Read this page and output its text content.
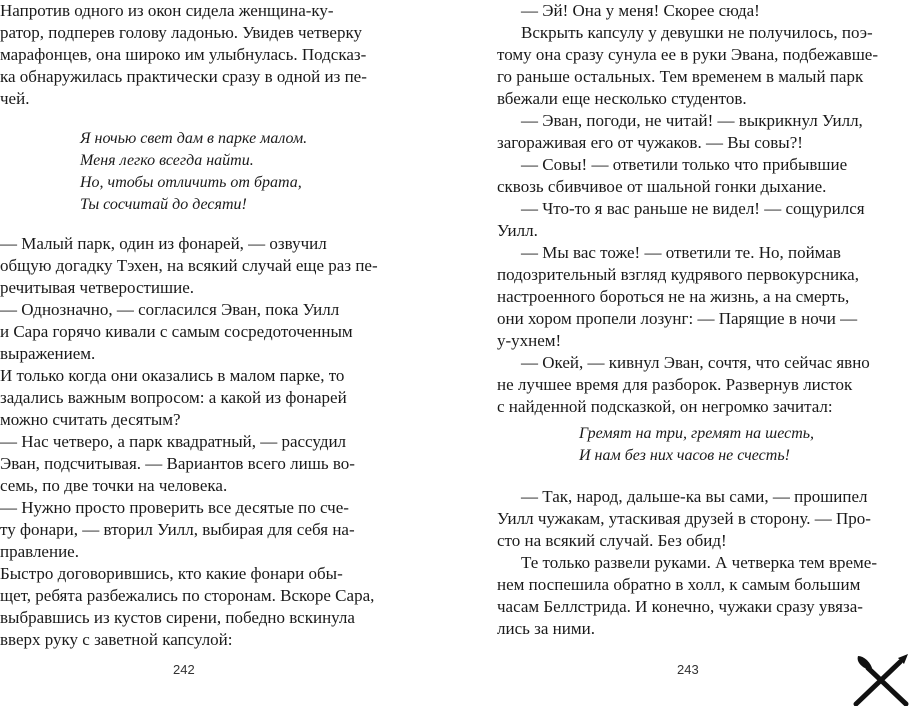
Напротив одного из окон сидела женщина-ку-
ратор, подперев голову ладонью. Увидев четверку
марафонцев, она широко им улыбнулась. Подсказ-
ка обнаружилась практически сразу в одной из пе-
чей.
Я ночью свет дам в парке малом.
Меня легко всегда найти.
Но, чтобы отличить от брата,
Ты сосчитай до десяти!
— Малый парк, один из фонарей, — озвучил
общую догадку Тэхен, на всякий случай еще раз пе-
речитывая четверостишие.
— Однозначно, — согласился Эван, пока Уилл
и Сара горячо кивали с самым сосредоточенным
выражением.
И только когда они оказались в малом парке, то
задались важным вопросом: а какой из фонарей
можно считать десятым?
— Нас четверо, а парк квадратный, — рассудил
Эван, подсчитывая. — Вариантов всего лишь во-
семь, по две точки на человека.
— Нужно просто проверить все десятые по сче-
ту фонари, — вторил Уилл, выбирая для себя на-
правление.
Быстро договорившись, кто какие фонари обы-
щет, ребята разбежались по сторонам. Вскоре Сара,
выбравшись из кустов сирени, победно вскинула
вверх руку с заветной капсулой:
242
— Эй! Она у меня! Скорее сюда!
Вскрыть капсулу у девушки не получилось, поэ-
тому она сразу сунула ее в руки Эвана, подбежавше-
го раньше остальных. Тем временем в малый парк
вбежали еще несколько студентов.
— Эван, погоди, не читай! — выкрикнул Уилл,
загораживая его от чужаков. — Вы совы?!
— Совы! — ответили только что прибывшие
сквозь сбивчивое от шальной гонки дыхание.
— Что-то я вас раньше не видел! — сощурился
Уилл.
— Мы вас тоже! — ответили те. Но, поймав
подозрительный взгляд кудрявого первокурсника,
настроенного бороться не на жизнь, а на смерть,
они хором пропели лозунг: — Парящие в ночи —
у-ухнем!
— Окей, — кивнул Эван, сочтя, что сейчас явно
не лучшее время для разборок. Развернув листок
с найденной подсказкой, он негромко зачитал:
Гремят на три, гремят на шесть,
И нам без них часов не счесть!
— Так, народ, дальше-ка вы сами, — прошипел
Уилл чужакам, утаскивая друзей в сторону. — Про-
сто на всякий случай. Без обид!
Те только развели руками. А четверка тем време-
нем поспешила обратно в холл, к самым большим
часам Беллстрида. И конечно, чужаки сразу увяза-
лись за ними.
243
